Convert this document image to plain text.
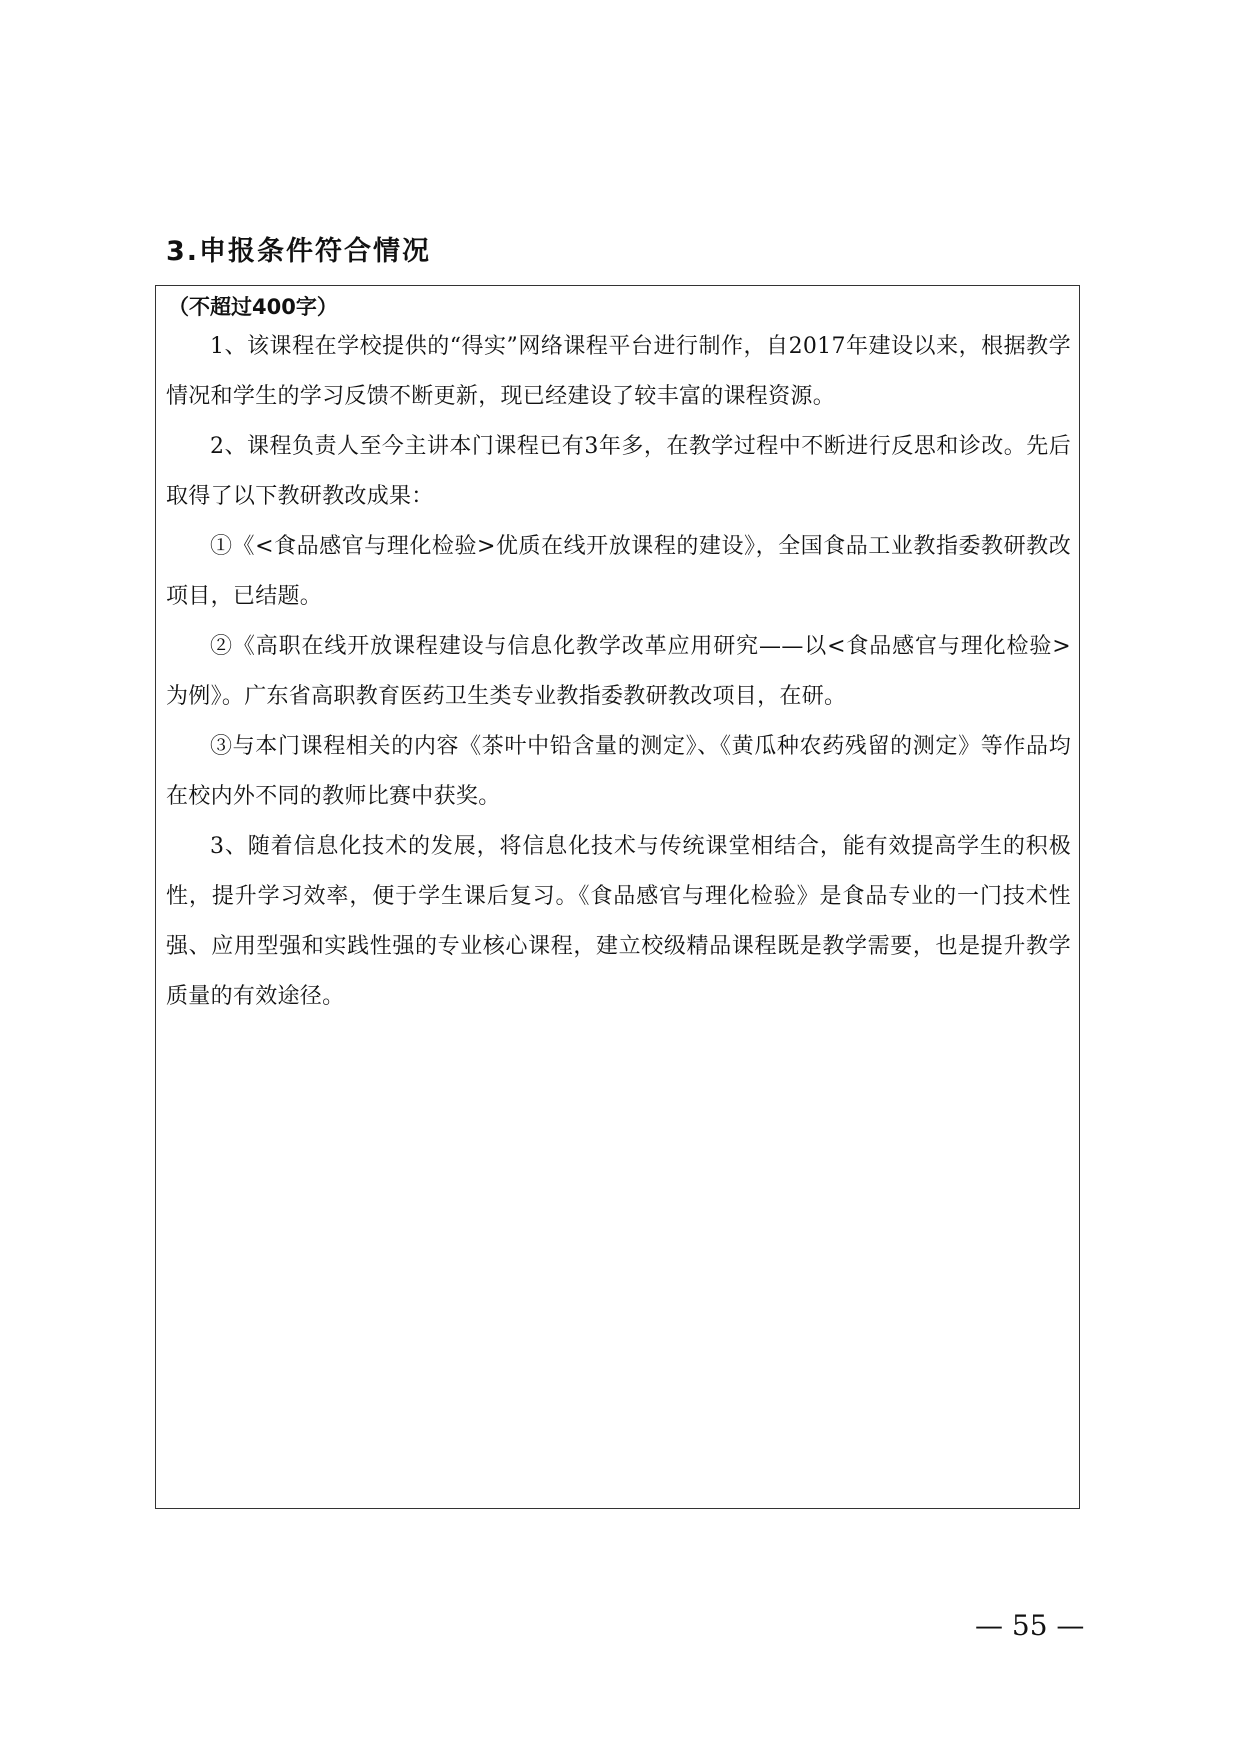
3.申报条件符合情况

（不超过400字）

1、该课程在学校提供的“得实”网络课程平台进行制作，自2017年建设以来，根据教学情况和学生的学习反馈不断更新，现已经建设了较丰富的课程资源。

2、课程负责人至今主讲本门课程已有3年多，在教学过程中不断进行反思和诊改。先后取得了以下教研教改成果：

①《<食品感官与理化检验>优质在线开放课程的建设》，全国食品工业教指委教研教改项目，已结题。

②《高职在线开放课程建设与信息化教学改革应用研究——以<食品感官与理化检验>为例》。广东省高职教育医药卫生类专业教指委教研教改项目，在研。

③与本门课程相关的内容《茶叶中铅含量的测定》、《黄瓜种农药残留的测定》等作品均在校内外不同的教师比赛中获奖。

3、随着信息化技术的发展，将信息化技术与传统课堂相结合，能有效提高学生的积极性，提升学习效率，便于学生课后复习。《食品感官与理化检验》是食品专业的一门技术性强、应用型强和实践性强的专业核心课程，建立校级精品课程既是教学需要，也是提升教学质量的有效途径。

— 55 —
